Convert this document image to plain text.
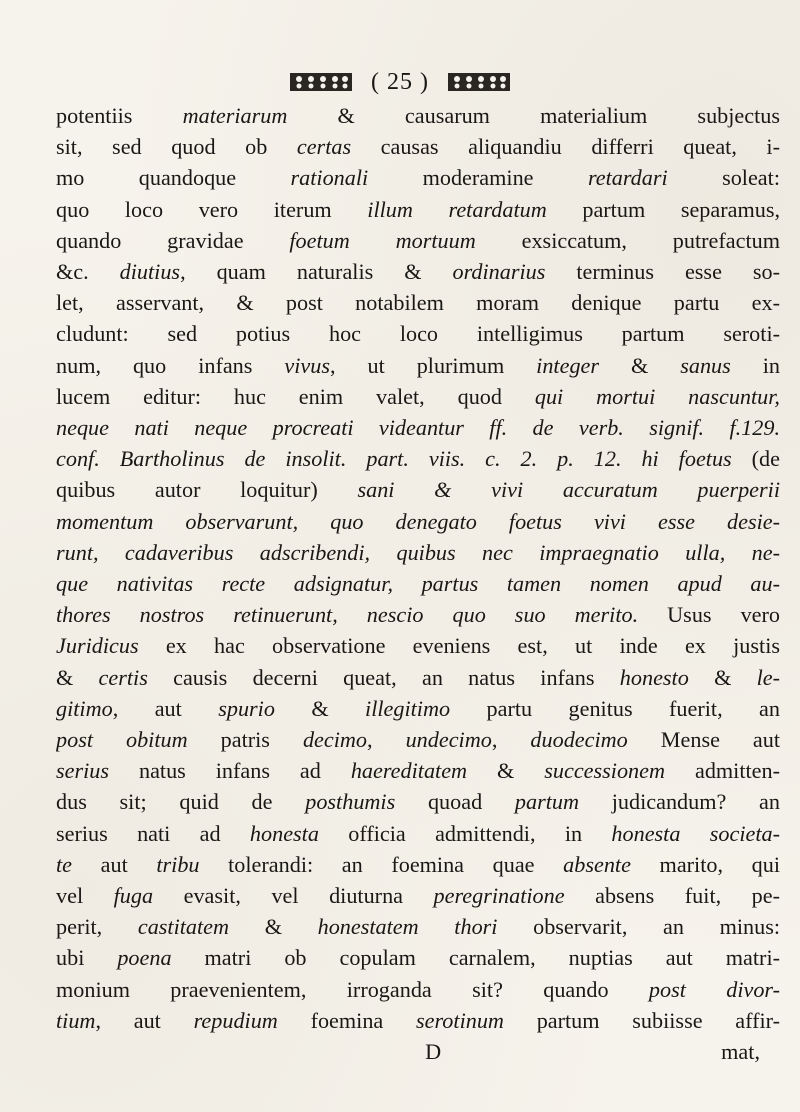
( 25 )
potentiis materiarum & causarum materialium subjectus
sit, sed quod ob certas causas aliquandiu differri queat, i-
mo quandoque rationali moderamine retardari soleat:
quo loco vero iterum illum retardatum partum separamus,
quando gravidae foetum mortuum exsiccatum, putrefactum
&c. diutius, quam naturalis & ordinarius terminus esse so-
let, asservant, & post notabilem moram denique partu ex-
cludunt: sed potius hoc loco intelligimus partum seroti-
num, quo infans vivus, ut plurimum integer & sanus in
lucem editur: huc enim valet, quod qui mortui nascuntur,
neque nati neque procreati videantur ff. de verb. signif. f.129.
conf. Bartholinus de insolit. part. viis. c. 2. p. 12. hi foetus (de
quibus autor loquitur) sani & vivi accuratum puerperii
momentum observarunt, quo denegato foetus vivi esse desie-
runt, cadaveribus adscribendi, quibus nec impraegnatio ulla, ne-
que nativitas recte adsignatur, partus tamen nomen apud au-
thores nostros retinuerunt, nescio quo suo merito. Usus vero
Juridicus ex hac observatione eveniens est, ut inde ex justis
& certis causis decerni queat, an natus infans honesto & le-
gitimo, aut spurio & illegitimo partu genitus fuerit, an
post obitum patris decimo, undecimo, duodecimo Mense aut
serius natus infans ad haereditatem & successionem admitten-
dus sit; quid de posthumis quoad partum judicandum? an
serius nati ad honesta officia admittendi, in honesta societa-
te aut tribu tolerandi: an foemina quae absente marito, qui
vel fuga evasit, vel diuturna peregrinatione absens fuit, pe-
perit, castitatem & honestatem thori observarit, an minus:
ubi poena matri ob copulam carnalem, nuptias aut matri-
monium praevenientem, irroganda sit? quando post divor-
tium, aut repudium foemina serotinum partum subiisse affir-
D	mat,
